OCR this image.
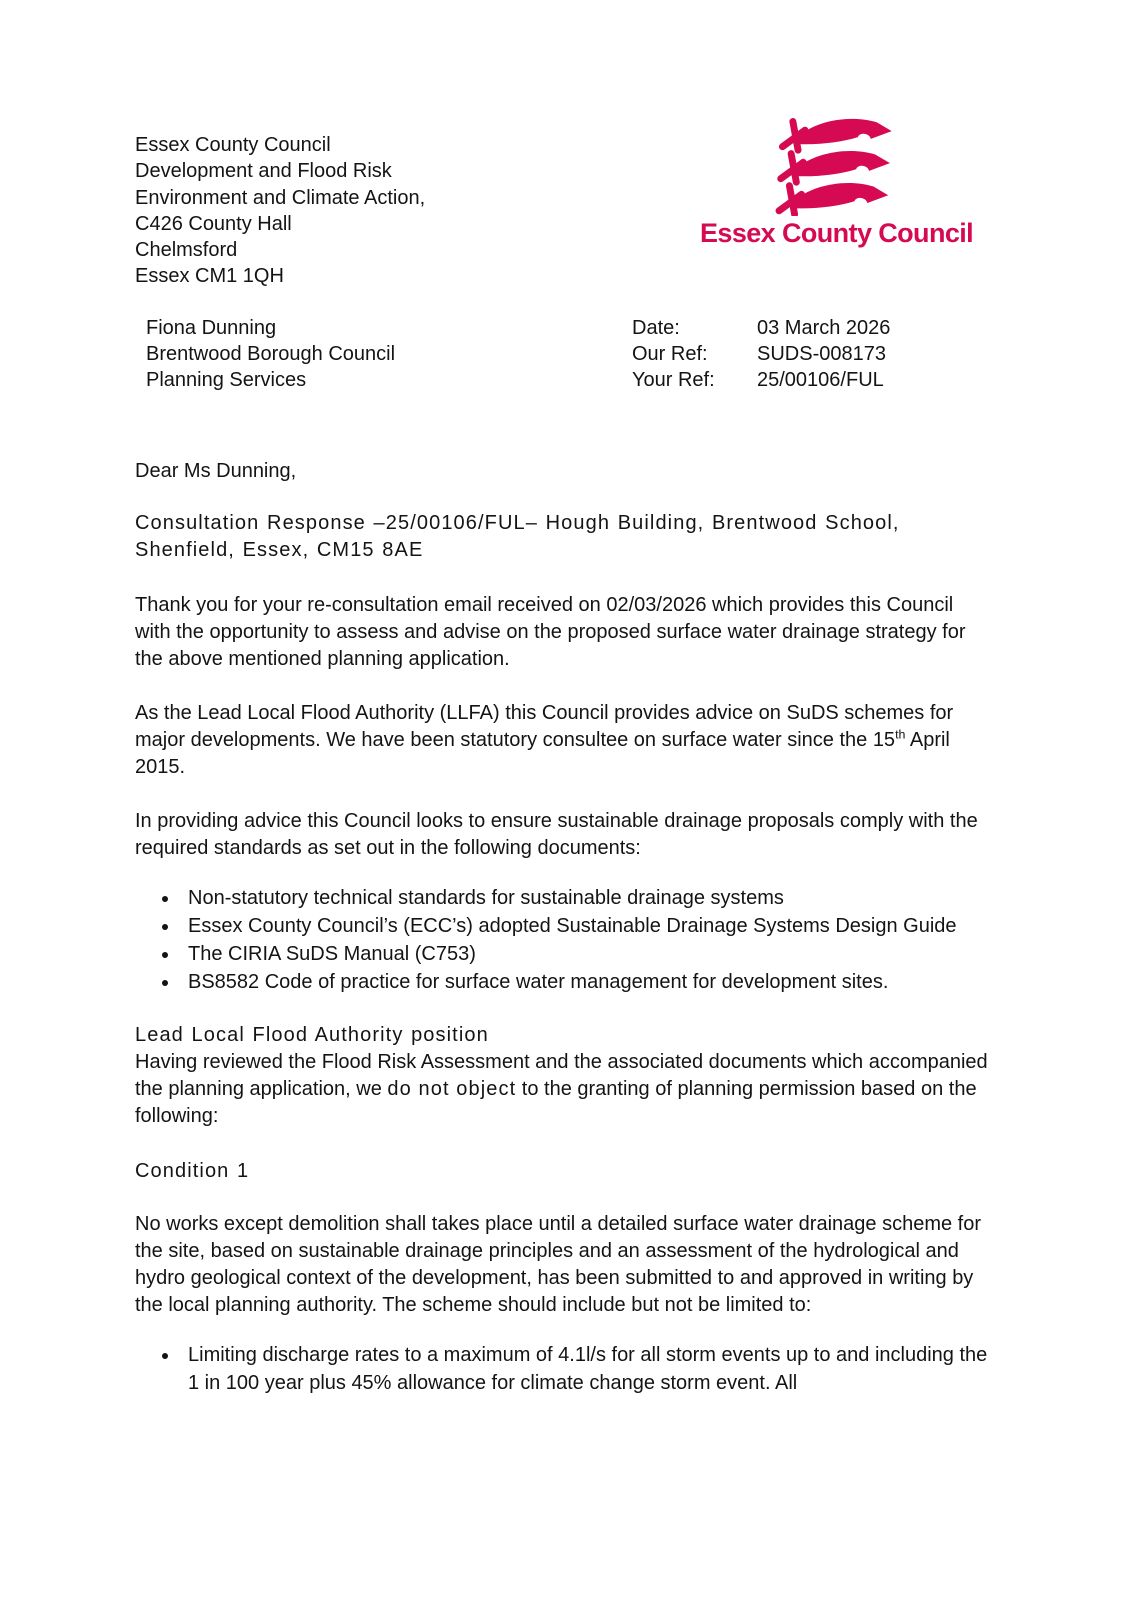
Essex County Council
Development and Flood Risk
Environment and Climate Action,
C426 County Hall
Chelmsford
Essex CM1 1QH
Essex County Council
Fiona Dunning
Brentwood Borough Council
Planning Services
Date:	03 March 2026
Our Ref: SUDS-008173
Your Ref: 25/00106/FUL

Dear Ms Dunning,

Consultation Response –25/00106/FUL– Hough Building, Brentwood School, Shenfield, Essex, CM15 8AE

Thank you for your re-consultation email received on 02/03/2026 which provides this Council with the opportunity to assess and advise on the proposed surface water drainage strategy for the above mentioned planning application.

As the Lead Local Flood Authority (LLFA) this Council provides advice on SuDS schemes for major developments. We have been statutory consultee on surface water since the 15th April 2015.

In providing advice this Council looks to ensure sustainable drainage proposals comply with the required standards as set out in the following documents:

• Non-statutory technical standards for sustainable drainage systems
• Essex County Council’s (ECC’s) adopted Sustainable Drainage Systems Design Guide
• The CIRIA SuDS Manual (C753)
• BS8582 Code of practice for surface water management for development sites.

Lead Local Flood Authority position

Having reviewed the Flood Risk Assessment and the associated documents which accompanied the planning application, we do not object to the granting of planning permission based on the following:

Condition 1

No works except demolition shall takes place until a detailed surface water drainage scheme for the site, based on sustainable drainage principles and an assessment of the hydrological and hydro geological context of the development, has been submitted to and approved in writing by the local planning authority. The scheme should include but not be limited to:

• Limiting discharge rates to a maximum of 4.1l/s for all storm events up to and including the 1 in 100 year plus 45% allowance for climate change storm event. All
